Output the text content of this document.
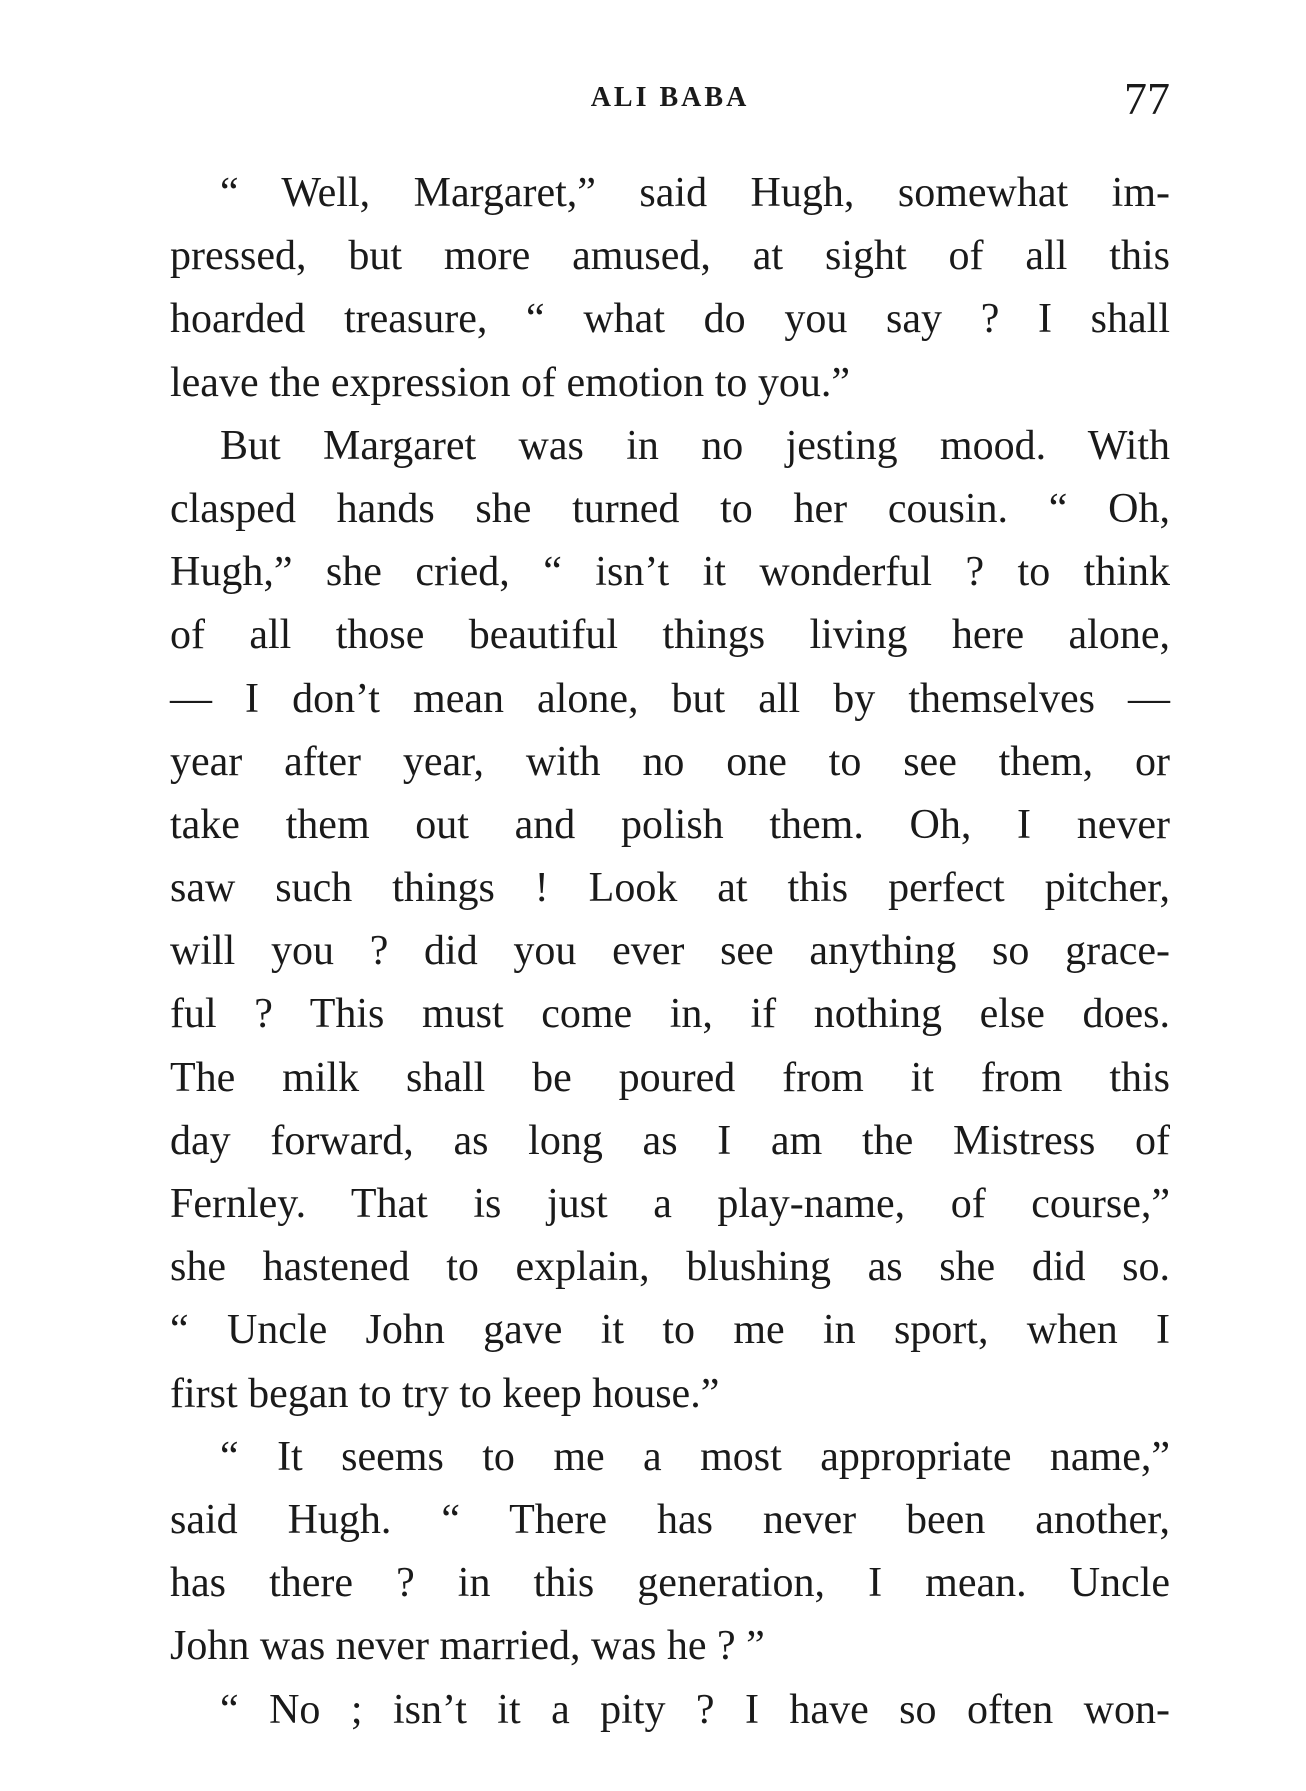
ALI BABA	77
“ Well, Margaret,” said Hugh, somewhat im-
pressed, but more amused, at sight of all this
hoarded treasure, “ what do you say ? I shall
leave the expression of emotion to you.”
But Margaret was in no jesting mood. With
clasped hands she turned to her cousin. “ Oh,
Hugh,” she cried, “ isn’t it wonderful ? to think
of all those beautiful things living here alone,
— I don’t mean alone, but all by themselves —
year after year, with no one to see them, or
take them out and polish them. Oh, I never
saw such things ! Look at this perfect pitcher,
will you ? did you ever see anything so grace-
ful ? This must come in, if nothing else does.
The milk shall be poured from it from this
day forward, as long as I am the Mistress of
Fernley. That is just a play-name, of course,”
she hastened to explain, blushing as she did so.
“ Uncle John gave it to me in sport, when I
first began to try to keep house.”
“ It seems to me a most appropriate name,”
said Hugh. “ There has never been another,
has there ? in this generation, I mean. Uncle
John was never married, was he ? ”
“ No ; isn’t it a pity ? I have so often won-
